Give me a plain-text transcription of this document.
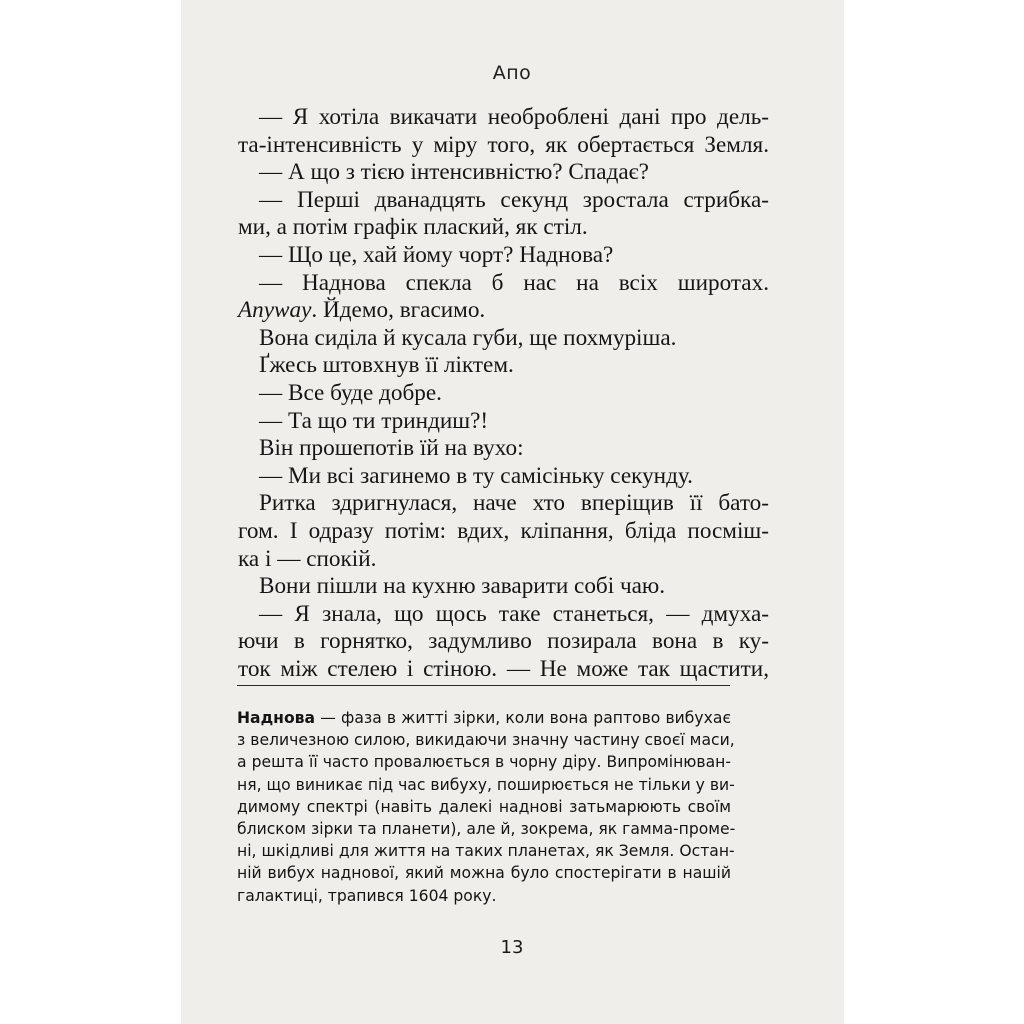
Апо
— Я хотіла викачати необроблені дані про дель-
та-інтенсивність у міру того, як обертається Земля.
— А що з тією інтенсивністю? Спадає?
— Перші дванадцять секунд зростала стрибка-
ми, а потім графік плаский, як стіл.
— Що це, хай йому чорт? Наднова?
— Наднова спекла б нас на всіх широтах.
Anyway. Йдемо, вгасимо.
Вона сиділа й кусала губи, ще похмуріша.
Ґжесь штовхнув її ліктем.
— Все буде добре.
— Та що ти триндиш?!
Він прошепотів їй на вухо:
— Ми всі загинемо в ту самісіньку секунду.
Ритка здригнулася, наче хто вперіщив її бато-
гом. І одразу потім: вдих, кліпання, бліда посміш-
ка і — спокій.
Вони пішли на кухню заварити собі чаю.
— Я знала, що щось таке станеться, — дмуха-
ючи в горнятко, задумливо позирала вона в ку-
ток між стелею і стіною. — Не може так щастити,
Наднова — фаза в житті зірки, коли вона раптово вибухає
з величезною силою, викидаючи значну частину своєї маси,
а решта її часто провалюється в чорну діру. Випромінюван-
ня, що виникає під час вибуху, поширюється не тільки у ви-
димому спектрі (навіть далекі наднові затьмарюють своїм
блиском зірки та планети), але й, зокрема, як гамма-проме-
ні, шкідливі для життя на таких планетах, як Земля. Остан-
ній вибух наднової, який можна було спостерігати в нашій
галактиці, трапився 1604 року.
13
